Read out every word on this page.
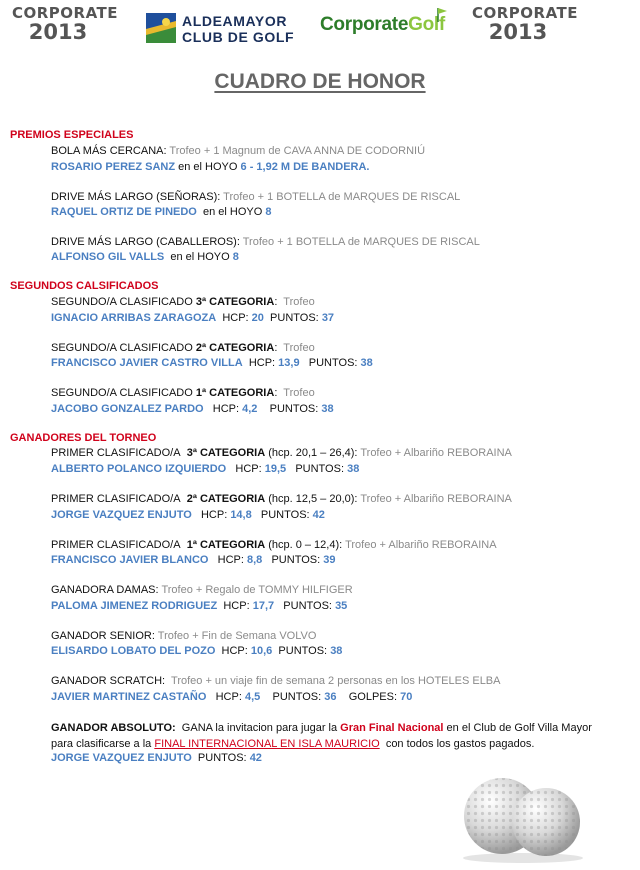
CORPORATE
2013	ALDEAMAYOR
CLUB DE GOLF
CorporateGolf
CORPORATE
2013
CUADRO DE HONOR
PREMIOS ESPECIALES
BOLA MÁS CERCANA: Trofeo + 1 Magnum de CAVA ANNA DE CODORNIÚ
ROSARIO PEREZ SANZ en el HOYO 6 - 1,92 M DE BANDERA.
DRIVE MÁS LARGO (SEÑORAS): Trofeo + 1 BOTELLA de MARQUES DE RISCAL
RAQUEL ORTIZ DE PINEDO en el HOYO 8
DRIVE MÁS LARGO (CABALLEROS): Trofeo + 1 BOTELLA de MARQUES DE RISCAL
ALFONSO GIL VALLS en el HOYO 8
SEGUNDOS CALSIFICADOS
SEGUNDO/A CLASIFICADO 3ª CATEGORIA: Trofeo
IGNACIO ARRIBAS ZARAGOZA HCP: 20 PUNTOS: 37
SEGUNDO/A CLASIFICADO 2ª CATEGORIA: Trofeo
FRANCISCO JAVIER CASTRO VILLA HCP: 13,9 PUNTOS: 38
SEGUNDO/A CLASIFICADO 1ª CATEGORIA: Trofeo
JACOBO GONZALEZ PARDO HCP: 4,2 PUNTOS: 38
GANADORES DEL TORNEO
PRIMER CLASIFICADO/A 3ª CATEGORIA (hcp. 20,1 – 26,4): Trofeo + Albariño REBORAINA
ALBERTO POLANCO IZQUIERDO HCP: 19,5 PUNTOS: 38
PRIMER CLASIFICADO/A 2ª CATEGORIA (hcp. 12,5 – 20,0): Trofeo + Albariño REBORAINA
JORGE VAZQUEZ ENJUTO HCP: 14,8 PUNTOS: 42
PRIMER CLASIFICADO/A 1ª CATEGORIA (hcp. 0 – 12,4): Trofeo + Albariño REBORAINA
FRANCISCO JAVIER BLANCO HCP: 8,8 PUNTOS: 39
GANADORA DAMAS: Trofeo + Regalo de TOMMY HILFIGER
PALOMA JIMENEZ RODRIGUEZ HCP: 17,7 PUNTOS: 35
GANADOR SENIOR: Trofeo + Fin de Semana VOLVO
ELISARDO LOBATO DEL POZO HCP: 10,6 PUNTOS: 38
GANADOR SCRATCH: Trofeo + un viaje fin de semana 2 personas en los HOTELES ELBA
JAVIER MARTINEZ CASTAÑO HCP: 4,5 PUNTOS: 36 GOLPES: 70
GANADOR ABSOLUTO: GANA la invitacion para jugar la Gran Final Nacional en el Club de Golf Villa Mayor para clasificarse a la FINAL INTERNACIONAL EN ISLA MAURICIO con todos los gastos pagados.
JORGE VAZQUEZ ENJUTO PUNTOS: 42
